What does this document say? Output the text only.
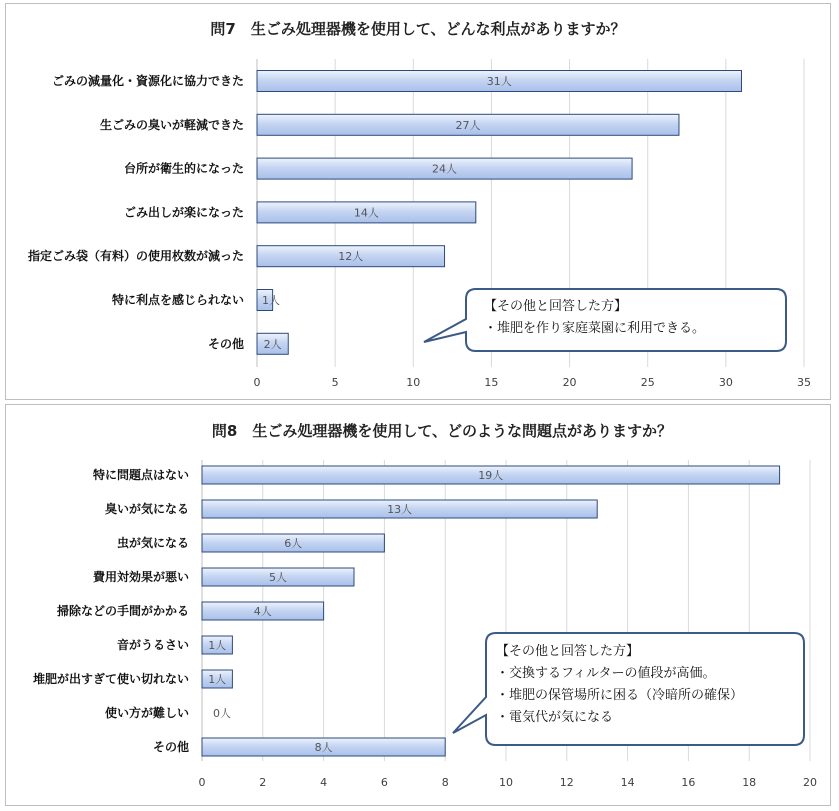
問7　生ごみ処理器機を使用して、どんな利点がありますか？
ごみの減量化・資源化に協力できた
生ごみの臭いが軽減できた
台所が衛生的になった
ごみ出しが楽になった
指定ごみ袋（有料）の使用枚数が減った
特に利点を感じられない
その他
0	5	10	15	20	25	30	35
31人
27人
24人
14人
12人
1人
2人
【その他と回答した方】
・堆肥を作り家庭菜園に利用できる。
問8　生ごみ処理器機を使用して、どのような問題点がありますか？
特に問題点はない
臭いが気になる
虫が気になる
費用対効果が悪い
掃除などの手間がかかる
音がうるさい
堆肥が出すぎて使い切れない
使い方が難しい
その他
0	2	4	6	8	10	12	14	16	18	20
19人
13人
6人
5人
4人
1人
1人
0人
8人
【その他と回答した方】
・交換するフィルターの値段が高価。
・堆肥の保管場所に困る（冷暗所の確保）
・電気代が気になる
